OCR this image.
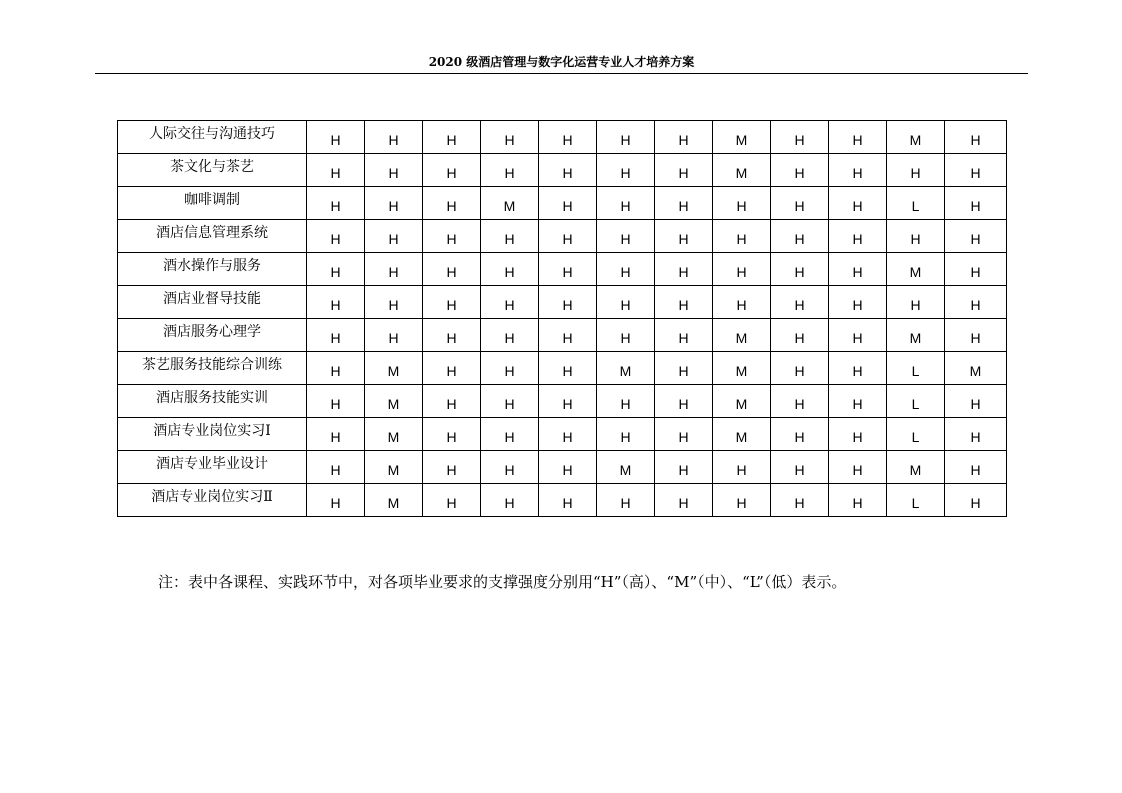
2020 级酒店管理与数字化运营专业人才培养方案
人际交往与沟通技巧	H	H	H	H	H	H	H	M	H	H	M	H
茶文化与茶艺	H	H	H	H	H	H	H	M	H	H	H	H
咖啡调制	H	H	H	M	H	H	H	H	H	H	L	H
酒店信息管理系统	H	H	H	H	H	H	H	H	H	H	H	H
酒水操作与服务	H	H	H	H	H	H	H	H	H	H	M	H
酒店业督导技能	H	H	H	H	H	H	H	H	H	H	H	H
酒店服务心理学	H	H	H	H	H	H	H	M	H	H	M	H
茶艺服务技能综合训练	H	M	H	H	H	M	H	M	H	H	L	M
酒店服务技能实训	H	M	H	H	H	H	H	M	H	H	L	H
酒店专业岗位实习Ⅰ	H	M	H	H	H	H	H	M	H	H	L	H
酒店专业毕业设计	H	M	H	H	H	M	H	H	H	H	M	H
酒店专业岗位实习Ⅱ	H	M	H	H	H	H	H	H	H	H	L	H
注：表中各课程、实践环节中，对各项毕业要求的支撑强度分别用“H”（高）、“M”（中）、“L”（低）表示。
